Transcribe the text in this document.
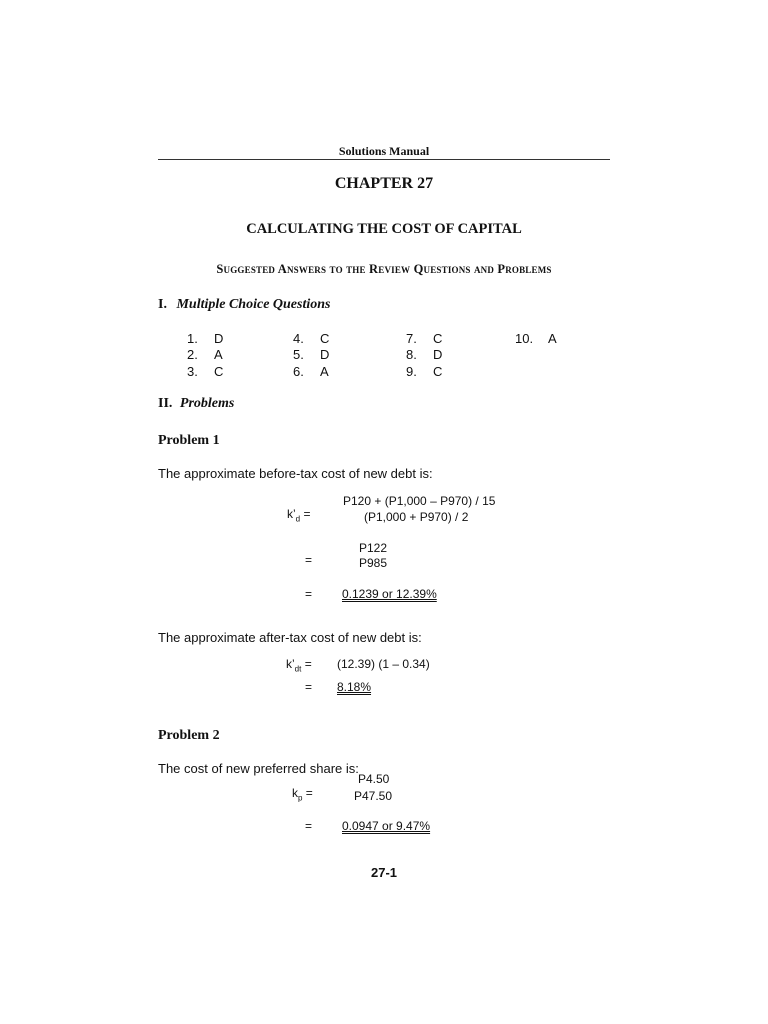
Solutions Manual
CHAPTER 27
CALCULATING THE COST OF CAPITAL
Suggested Answers to the Review Questions and Problems
I. Multiple Choice Questions
1. D
2. A
3. C
4. C
5. D
6. A
7. C
8. D
9. C
10. A
II. Problems
Problem 1
The approximate before-tax cost of new debt is:
$k’_d$ =
P120 + (P1,000 – P970) / 15
(P1,000 + P970) / 2
=
P122
P985
= 0.1239 or 12.39%
The approximate after-tax cost of new debt is:
$k’_{dt} = (12.39)$ (1 – 0.34)
= 8.18%
Problem 2
The cost of new preferred share is:
$k_p$ =
P4.50
P47.50
= 0.0947 or 9.47%
27-1
